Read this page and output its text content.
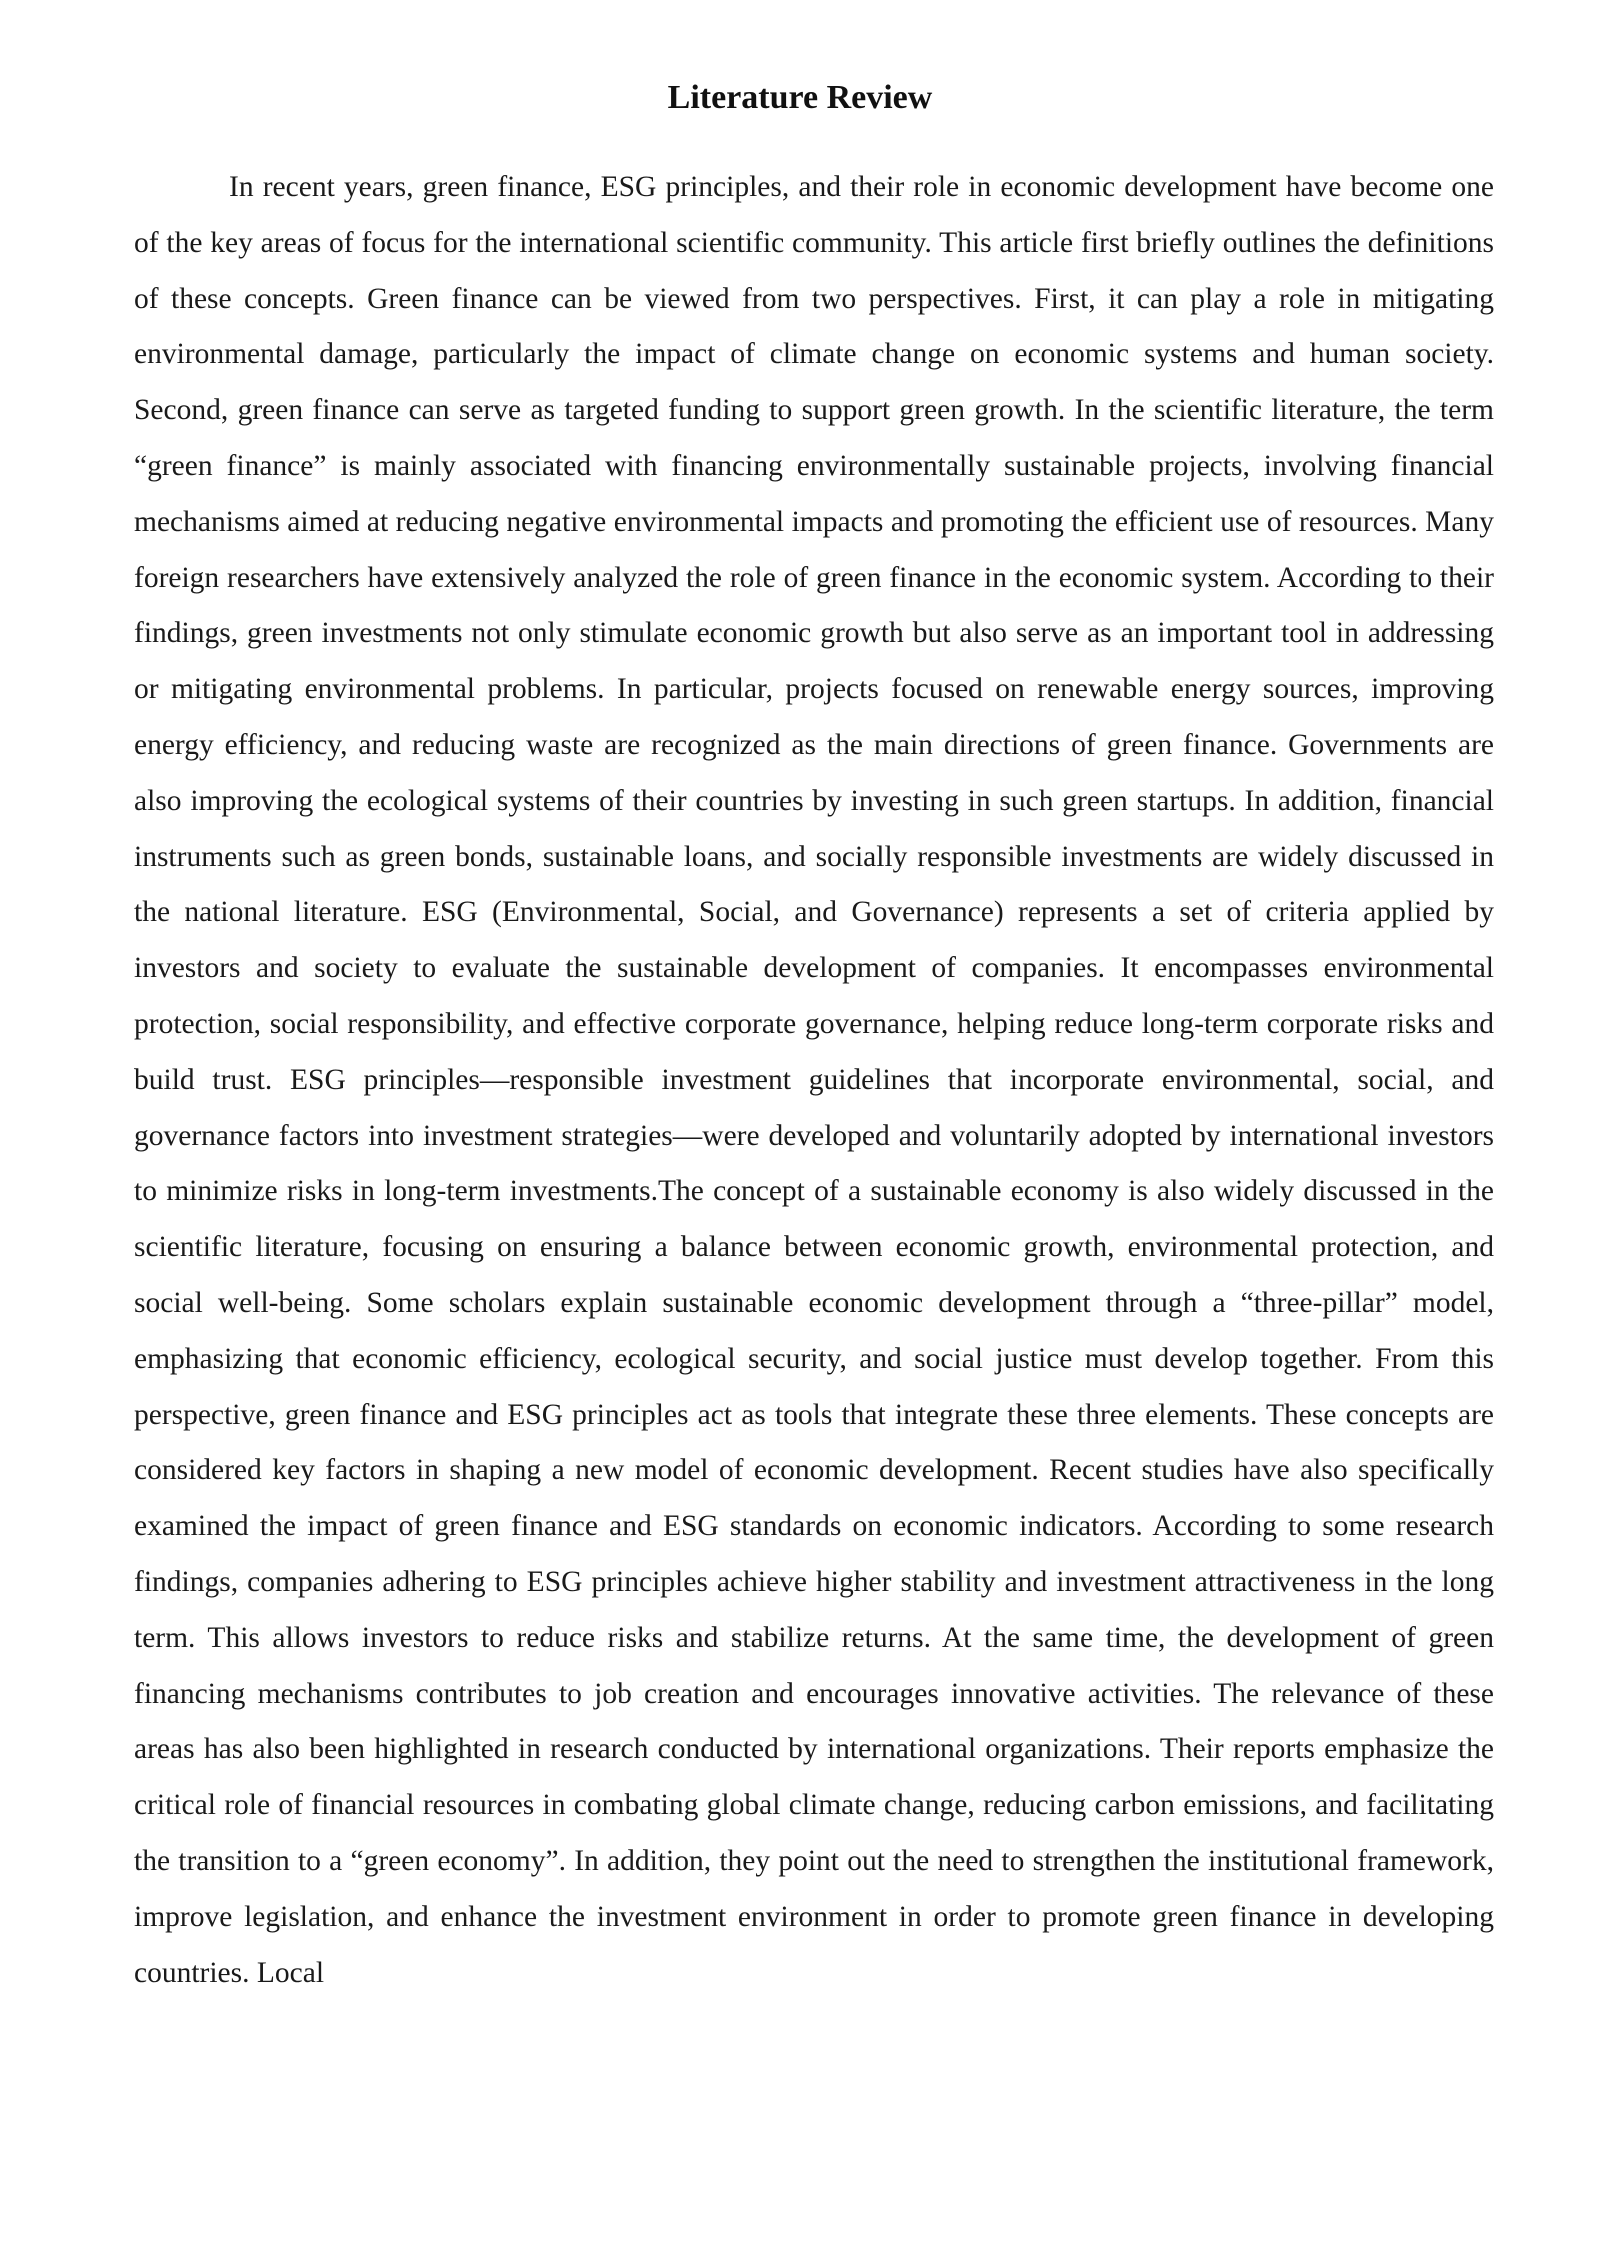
Literature Review

In recent years, green finance, ESG principles, and their role in economic development have become one of the key areas of focus for the international scientific community. This article first briefly outlines the definitions of these concepts. Green finance can be viewed from two perspectives. First, it can play a role in mitigating environmental damage, particularly the impact of climate change on economic systems and human society. Second, green finance can serve as targeted funding to support green growth. In the scientific literature, the term “green finance” is mainly associated with financing environmentally sustainable projects, involving financial mechanisms aimed at reducing negative environmental impacts and promoting the efficient use of resources. Many foreign researchers have extensively analyzed the role of green finance in the economic system. According to their findings, green investments not only stimulate economic growth but also serve as an important tool in addressing or mitigating environmental problems. In particular, projects focused on renewable energy sources, improving energy efficiency, and reducing waste are recognized as the main directions of green finance. Governments are also improving the ecological systems of their countries by investing in such green startups. In addition, financial instruments such as green bonds, sustainable loans, and socially responsible investments are widely discussed in the national literature. ESG (Environmental, Social, and Governance) represents a set of criteria applied by investors and society to evaluate the sustainable development of companies. It encompasses environmental protection, social responsibility, and effective corporate governance, helping reduce long-term corporate risks and build trust. ESG principles—responsible investment guidelines that incorporate environmental, social, and governance factors into investment strategies—were developed and voluntarily adopted by international investors to minimize risks in long-term investments.The concept of a sustainable economy is also widely discussed in the scientific literature, focusing on ensuring a balance between economic growth, environmental protection, and social well-being. Some scholars explain sustainable economic development through a “three-pillar” model, emphasizing that economic efficiency, ecological security, and social justice must develop together. From this perspective, green finance and ESG principles act as tools that integrate these three elements. These concepts are considered key factors in shaping a new model of economic development. Recent studies have also specifically examined the impact of green finance and ESG standards on economic indicators. According to some research findings, companies adhering to ESG principles achieve higher stability and investment attractiveness in the long term. This allows investors to reduce risks and stabilize returns. At the same time, the development of green financing mechanisms contributes to job creation and encourages innovative activities. The relevance of these areas has also been highlighted in research conducted by international organizations. Their reports emphasize the critical role of financial resources in combating global climate change, reducing carbon emissions, and facilitating the transition to a “green economy”. In addition, they point out the need to strengthen the institutional framework, improve legislation, and enhance the investment environment in order to promote green finance in developing countries. Local
